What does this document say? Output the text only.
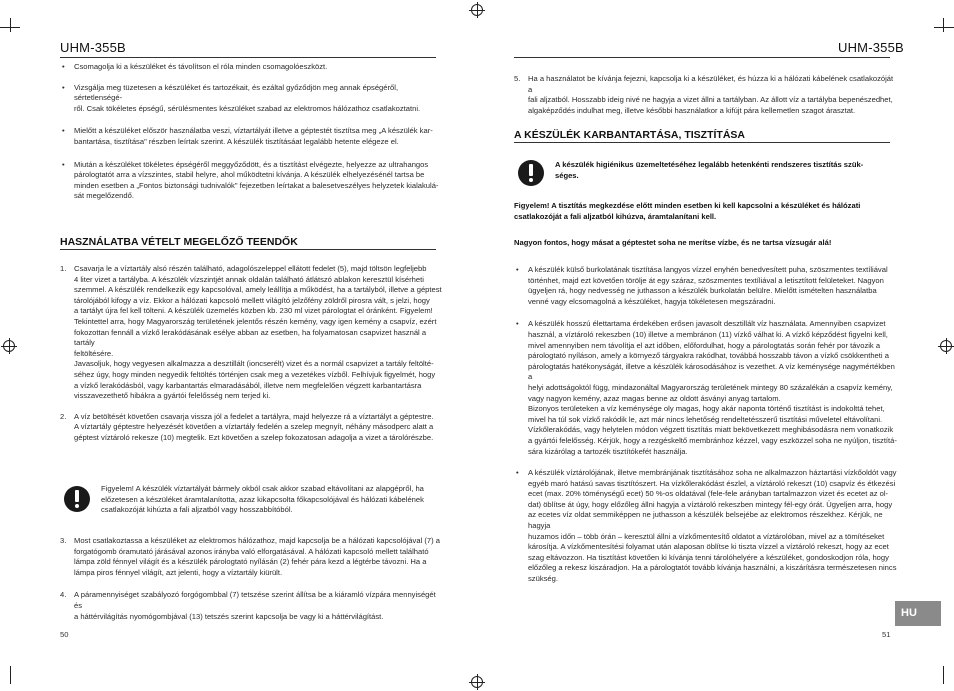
UHM-355B

• Csomagolja ki a készüléket és távolítson el róla minden csomagolóeszközt.

• Vizsgálja meg tüzetesen a készüléket és tartozékait, és ezáltal győződjön meg annak épségéről, sértetlenségé-
ről. Csak tökéletes épségű, sérülésmentes készüléket szabad az elektromos hálózathoz csatlakoztatni.

• Mielőtt a készüléket először használatba veszi, víztartályát illetve a géptestét tisztítsa meg „A készülék kar-
bantartása, tisztítása" részben leírtak szerint. A készülék tisztításáat legalább hetente elégeze el.

• Miután a készüléket tökéletes épségéről meggyőződött, és a tisztítást elvégezte, helyezze az ultrahangos
párologtatót arra a vízszintes, stabil helyre, ahol működtetni kívánja. A készülék elhelyezésénél tartsa be
minden esetben a „Fontos biztonsági tudnivalók" fejezetben leírtakat a balesetveszélyes helyzetek kialakulá-
sát megelőzendő.

HASZNÁLATBA VÉTELT MEGELŐZŐ TEENDŐK
1. Csavarja le a víztartály alsó részén található, adagolószeleppel ellátott fedelet (5), majd töltsön legfeljebb
4 liter vizet a tartályba. A készülék vízszintjét annak oldalán található átlátszó ablakon keresztül kísérheti
szemmel. A készülék rendelkezik egy kapcsolóval, amely leállítja a működést, ha a tartályból, illetve a géptest
tárolójából kifogy a víz. Ekkor a hálózati kapcsoló mellett világító jelzőfény zöldről pirosra vált, s jelzi, hogy
a tartályt újra fel kell tölteni. A készülék üzemelés közben kb. 230 ml vizet párologtat el óránként. Figyelem!
Tekintettel arra, hogy Magyarország területének jelentős részén kemény, vagy igen kemény a csapvíz, ezért
fokozottan fennáll a vízkő lerakódásának esélye abban az esetben, ha folyamatosan csapvizet használ a tartály
feltöltésére.
Javasoljuk, hogy vegyesen alkalmazza a desztillált (ioncserélt) vizet és a normál csapvizet a tartály feltölté-
séhez úgy, hogy minden negyedik feltöltés történjen csak meg a vezetékes vízből. Felhívjuk figyelmét, hogy
a vízkő lerakódásból, vagy karbantartás elmaradásából, illetve nem megfelelően végzett karbantartásra
visszavezethető hibákra a gyártói felelősség nem terjed ki.

2. A víz betöltését követően csavarja vissza jól a fedelet a tartályra, majd helyezze rá a víztartályt a géptestre.
A víztartály géptestre helyezését követően a víztartály fedelén a szelep megnyít, néhány másodperc alatt a
géptest víztároló rekesze (10) megtelik. Ezt követően a szelep fokozatosan adagolja a vizet a tárolórészbe.

Figyelem! A készülék víztartályát bármely okból csak akkor szabad eltávolítani az alapgépről, ha
előzetesen a készüléket áramtalanította, azaz kikapcsolta főkapcsolójával és hálózati kábelének
csatlakozóját kihúzta a fali aljzatból vagy hosszabbítóból.
3. Most csatlakoztassa a készüléket az elektromos hálózathoz, majd kapcsolja be a hálózati kapcsolójával (7) a
forgatógomb óramutató járásával azonos irányba való elforgatásával. A hálózati kapcsoló mellett található
lámpa zöld fénnyel világít és a készülék párologtató nyílásán (2) fehér pára kezd a légtérbe távozni. Ha a
lámpa piros fénnyel világít, azt jelenti, hogy a víztartály kiürült.

4. A páramennyiséget szabályozó forgógombbal (7) tetszése szerint állítsa be a kiáramló vízpára mennyiségét és
a háttérvilágítás nyomógombjával (13) tetszés szerint kapcsolja be vagy ki a háttérvilágítást.

50
UHM-355B
5. Ha a használatot be kívánja fejezni, kapcsolja ki a készüléket, és húzza ki a hálózati kábelének csatlakozóját a
fali aljzatból. Hosszabb ideig nivé ne hagyja a vizet állni a tartályban. Az állott víz a tartályba bepenészedhet,
algaképződés indulhat meg, illetve későbbi használatkor a kifújt pára kellemetlen szagot árasztat.

A KÉSZÜLÉK KARBANTARTÁSA, TISZTÍTÁSA
A készülék higiénikus üzemeltetéséhez legalább hetenkénti rendszeres tisztítás szük-
séges.
Figyelem! A tisztítás megkezdése előtt minden esetben ki kell kapcsolni a készüléket és hálózati
csatlakozóját a fali aljzatból kihúzva, áramtalanítani kell.
Nagyon fontos, hogy másat a géptestet soha ne merítse vízbe, és ne tartsa vízsugár alá!

• A készülék külső burkolatának tisztítása langyos vízzel enyhén benedvesített puha, szöszmentes textíliával
történhet, majd ezt követően törölje át egy száraz, szöszmentes textíliával a letisztított felületeket. Nagyon
ügyeljen rá, hogy nedvesség ne juthasson a készülék burkolatán belülre. Mielőtt ismételten használatba
venné vagy elcsomagolná a készüléket, hagyja tökéletesen megszáradni.

• A készülék hosszú élettartama érdekében erősen javasolt desztillált víz használata. Amennyiben csapvizet
használ, a víztároló rekeszben (10) illetve a membránon (11) vízkő válhat ki. A vízkő képződést figyelni kell,
mivel amennyiben nem távolítja el azt időben, előfordulhat, hogy a párologtatás során fehér por távozik a
párologtató nyíláson, amely a környező tárgyakra rakódhat, továbbá hosszabb távon a vízkő csökkentheti a
párologtatás hatékonyságát, illetve a készülék károsodásához is vezethet. A víz keménysége nagymértékben a
helyi adottságoktól függ, mindazonáltal Magyarország területének mintegy 80 százalékán a csapvíz kemény,
vagy nagyon kemény, azaz magas benne az oldott ásványi anyag tartalom.
Bizonyos területeken a víz keménysége oly magas, hogy akár naponta történő tisztítást is indokolttá tehet,
mivel ha túl sok vízkő rakódik le, azt már nincs lehetőség rendeltetésszerű tisztítási műveletel eltávolítani.
Vízkőlerakódás, vagy helytelen módon végzett tisztítás miatt bekövetkezett meghibásodásra nem vonatkozik
a gyártói felelősség. Kérjük, hogy a rezgéskeltő membránhoz kézzel, vagy eszközzel soha ne nyúljon, tisztítá-
sára kizárólag a tartozék tisztítókefét használja.

• A készülék víztárolójának, illetve membránjának tisztításához soha ne alkalmazzon háztartási vízkőoldót vagy
egyéb maró hatású savas tisztítószert. Ha vízkőlerakódást észlel, a víztároló rekeszt (10) csapvíz és étkezési
ecet (max. 20% töménységű ecet) 50 %-os oldatával (fele-fele arányban tartalmazzon vizet és ecetet az ol-
dat) öblítse át úgy, hogy előzőleg állni hagyja a víztároló rekeszben mintegy fél-egy órát. Ügyeljen arra, hogy
az ecetes víz oldat semmiképpen ne juthasson a készülék belsejébe az elektromos részekhez. Kérjük, ne hagyja
huzamos időn – több órán – keresztül állni a vízkőmentesítő oldatot a víztárolóban, mivel az a tömítéseket
károsítja. A vízkőmentesítési folyamat után alaposan öblítse ki tiszta vízzel a víztároló rekeszt, hogy az ecet
szag eltávozzon. Ha tisztítást követően ki kívánja tenni tárolóhelyére a készüléket, gondoskodjon róla, hogy
előzőleg a rekesz kiszáradjon. Ha a párologtatót tovább kívánja használni, a kiszárításra természetesen nincs
szükség.

51
HU
